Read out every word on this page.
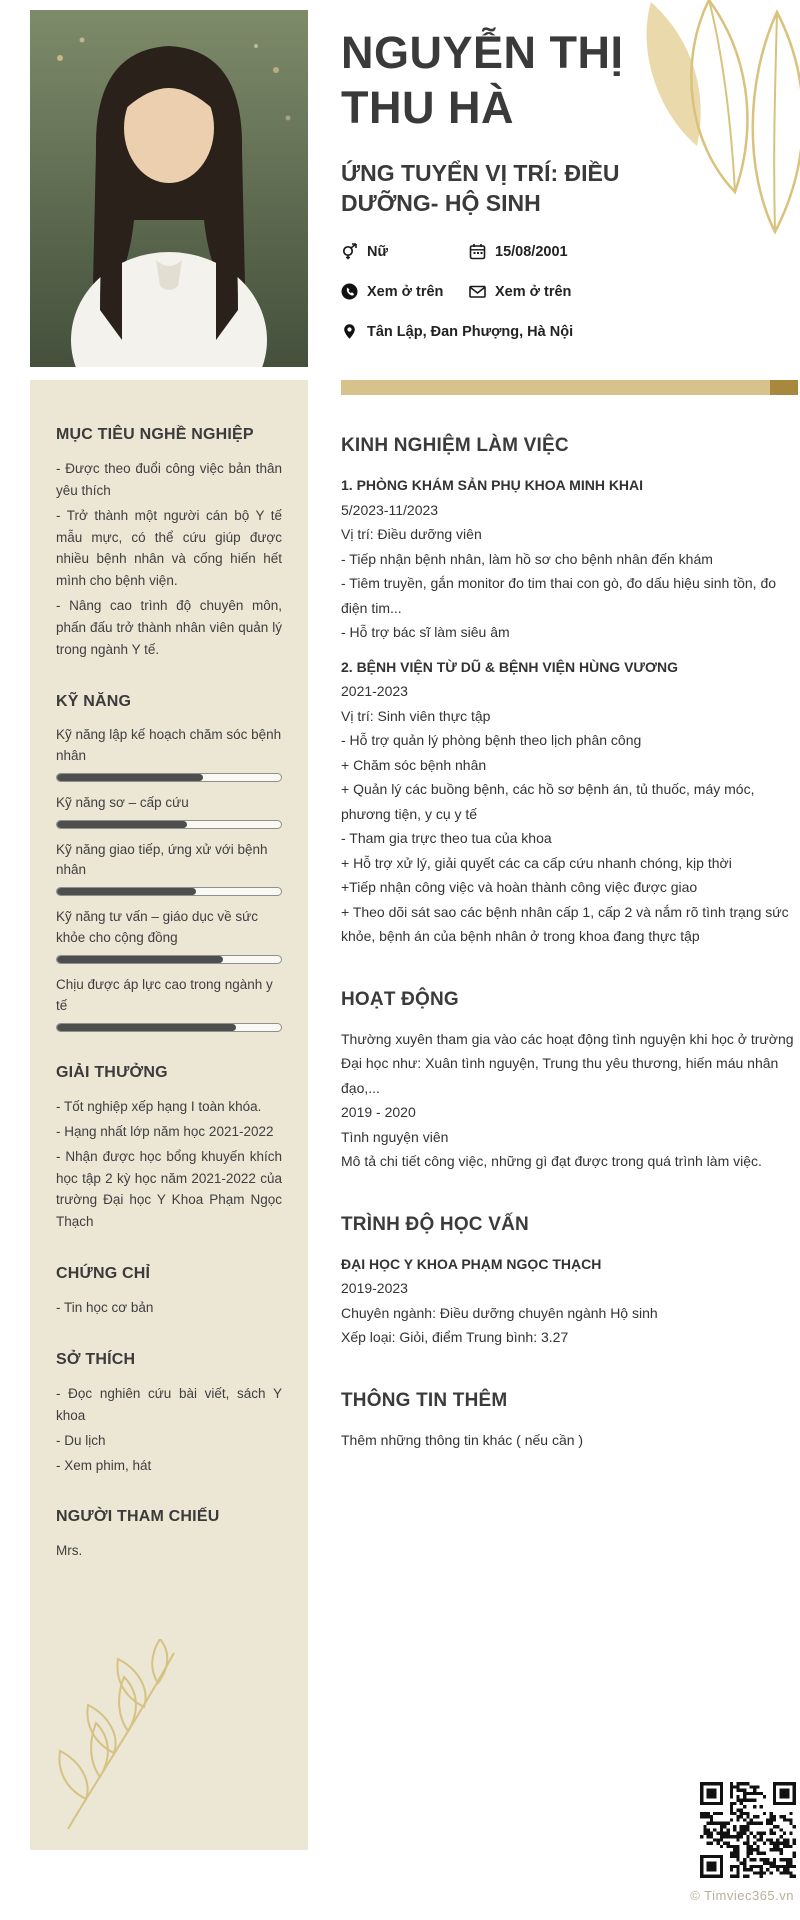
NGUYỄN THỊ THU HÀ
ỨNG TUYỂN VỊ TRÍ: ĐIỀU DƯỠNG- HỘ SINH
Nữ	15/08/2001
Xem ở trên	Xem ở trên
Tân Lập, Đan Phượng, Hà Nội
MỤC TIÊU NGHỀ NGHIỆP

- Được theo đuổi công việc bản thân yêu thích

- Trở thành một người cán bộ Y tế mẫu mực, có thể cứu giúp được nhiều bệnh nhân và cống hiến hết mình cho bệnh viện.

- Nâng cao trình độ chuyên môn, phấn đấu trở thành nhân viên quản lý trong ngành Y tế.

KỸ NĂNG
Kỹ năng lập kế hoạch chăm sóc bệnh nhân
Kỹ năng sơ – cấp cứu
Kỹ năng giao tiếp, ứng xử với bệnh nhân
Kỹ năng tư vấn – giáo dục về sức khỏe cho cộng đồng
Chịu được áp lực cao trong ngành y tế
GIẢI THƯỞNG

- Tốt nghiệp xếp hạng I toàn khóa.

- Hạng nhất lớp năm học 2021-2022

- Nhận được học bổng khuyến khích học tập 2 kỳ học năm 2021-2022 của trường Đại học Y Khoa Phạm Ngọc Thạch

CHỨNG CHỈ

- Tin học cơ bản

SỞ THÍCH

- Đọc nghiên cứu bài viết, sách Y khoa

- Du lịch

- Xem phim, hát

NGƯỜI THAM CHIẾU

Mrs.

KINH NGHIỆM LÀM VIỆC

1. PHÒNG KHÁM SẢN PHỤ KHOA MINH KHAI

5/2023-11/2023

Vị trí: Điều dưỡng viên

- Tiếp nhận bệnh nhân, làm hồ sơ cho bệnh nhân đến khám

- Tiêm truyền, gắn monitor đo tim thai con gò, đo dấu hiệu sinh tồn, đo điện tim...

- Hỗ trợ bác sĩ làm siêu âm

2. BỆNH VIỆN TỪ DŨ & BỆNH VIỆN HÙNG VƯƠNG

2021-2023

Vị trí: Sinh viên thực tập

- Hỗ trợ quản lý phòng bệnh theo lịch phân công

+ Chăm sóc bệnh nhân

+ Quản lý các buồng bệnh, các hồ sơ bệnh án, tủ thuốc, máy móc, phương tiện, y cụ y tế

- Tham gia trực theo tua của khoa

+ Hỗ trợ xử lý, giải quyết các ca cấp cứu nhanh chóng, kịp thời

+Tiếp nhận công việc và hoàn thành công việc được giao

+ Theo dõi sát sao các bệnh nhân cấp 1, cấp 2 và nắm rõ tình trạng sức khỏe, bệnh án của bệnh nhân ở trong khoa đang thực tập

HOẠT ĐỘNG

Thường xuyên tham gia vào các hoạt động tình nguyện khi học ở trường Đại học như: Xuân tình nguyện, Trung thu yêu thương, hiến máu nhân đạo,...

2019 - 2020

Tình nguyện viên

Mô tả chi tiết công việc, những gì đạt được trong quá trình làm việc.

TRÌNH ĐỘ HỌC VẤN

ĐẠI HỌC Y KHOA PHẠM NGỌC THẠCH

2019-2023

Chuyên ngành: Điều dưỡng chuyên ngành Hộ sinh

Xếp loại: Giỏi, điểm Trung bình: 3.27

THÔNG TIN THÊM

Thêm những thông tin khác ( nếu cần )

© Timviec365.vn
